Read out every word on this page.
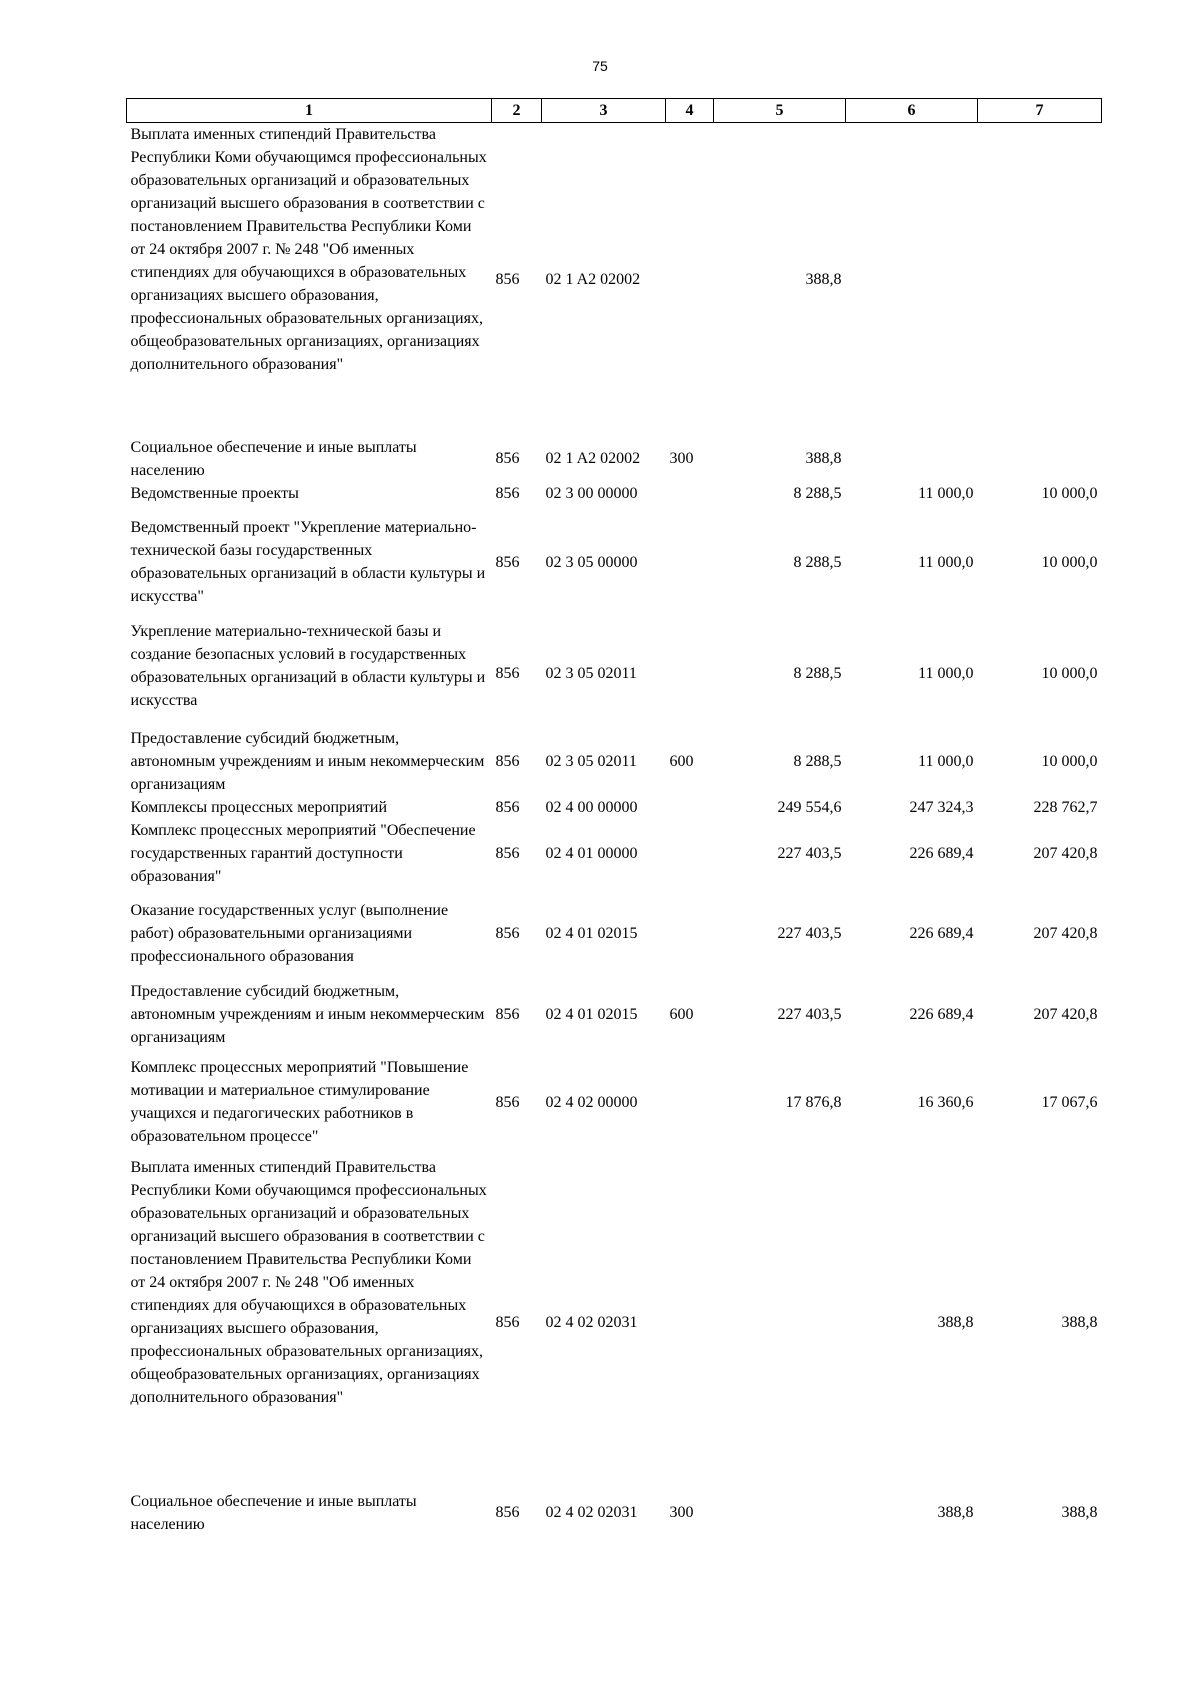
75
1	2	3	4	5	6	7
Выплата именных стипендий Правительства Республики Коми обучающимся профессиональных образовательных организаций и образовательных организаций высшего образования в соответствии с постановлением Правительства Республики Коми от 24 октября 2007 г. № 248 "Об именных стипендиях для обучающихся в образовательных организациях высшего образования, профессиональных образовательных организациях, общеобразовательных организациях, организациях дополнительного образования"	856	02 1 A2 02002		388,8		
Социальное обеспечение и иные выплаты населению	856	02 1 A2 02002	300	388,8		
Ведомственные проекты	856	02 3 00 00000		8 288,5	11 000,0	10 000,0
Ведомственный проект "Укрепление материально-технической базы государственных образовательных организаций в области культуры и искусства"	856	02 3 05 00000		8 288,5	11 000,0	10 000,0
Укрепление материально-технической базы и создание безопасных условий в государственных образовательных организаций в области культуры и искусства	856	02 3 05 02011		8 288,5	11 000,0	10 000,0
Предоставление субсидий бюджетным, автономным учреждениям и иным некоммерческим организациям	856	02 3 05 02011	600	8 288,5	11 000,0	10 000,0
Комплексы процессных мероприятий	856	02 4 00 00000		249 554,6	247 324,3	228 762,7
Комплекс процессных мероприятий "Обеспечение государственных гарантий доступности образования"	856	02 4 01 00000		227 403,5	226 689,4	207 420,8
Оказание государственных услуг (выполнение работ) образовательными организациями профессионального образования	856	02 4 01 02015		227 403,5	226 689,4	207 420,8
Предоставление субсидий бюджетным, автономным учреждениям и иным некоммерческим организациям	856	02 4 01 02015	600	227 403,5	226 689,4	207 420,8
Комплекс процессных мероприятий "Повышение мотивации и материальное стимулирование учащихся и педагогических работников в образовательном процессе"	856	02 4 02 00000		17 876,8	16 360,6	17 067,6
Выплата именных стипендий Правительства Республики Коми обучающимся профессиональных образовательных организаций и образовательных организаций высшего образования в соответствии с постановлением Правительства Республики Коми от 24 октября 2007 г. № 248 "Об именных стипендиях для обучающихся в образовательных организациях высшего образования, профессиональных образовательных организациях, общеобразовательных организациях, организациях дополнительного образования"	856	02 4 02 02031			388,8	388,8
Социальное обеспечение и иные выплаты населению	856	02 4 02 02031	300		388,8	388,8
